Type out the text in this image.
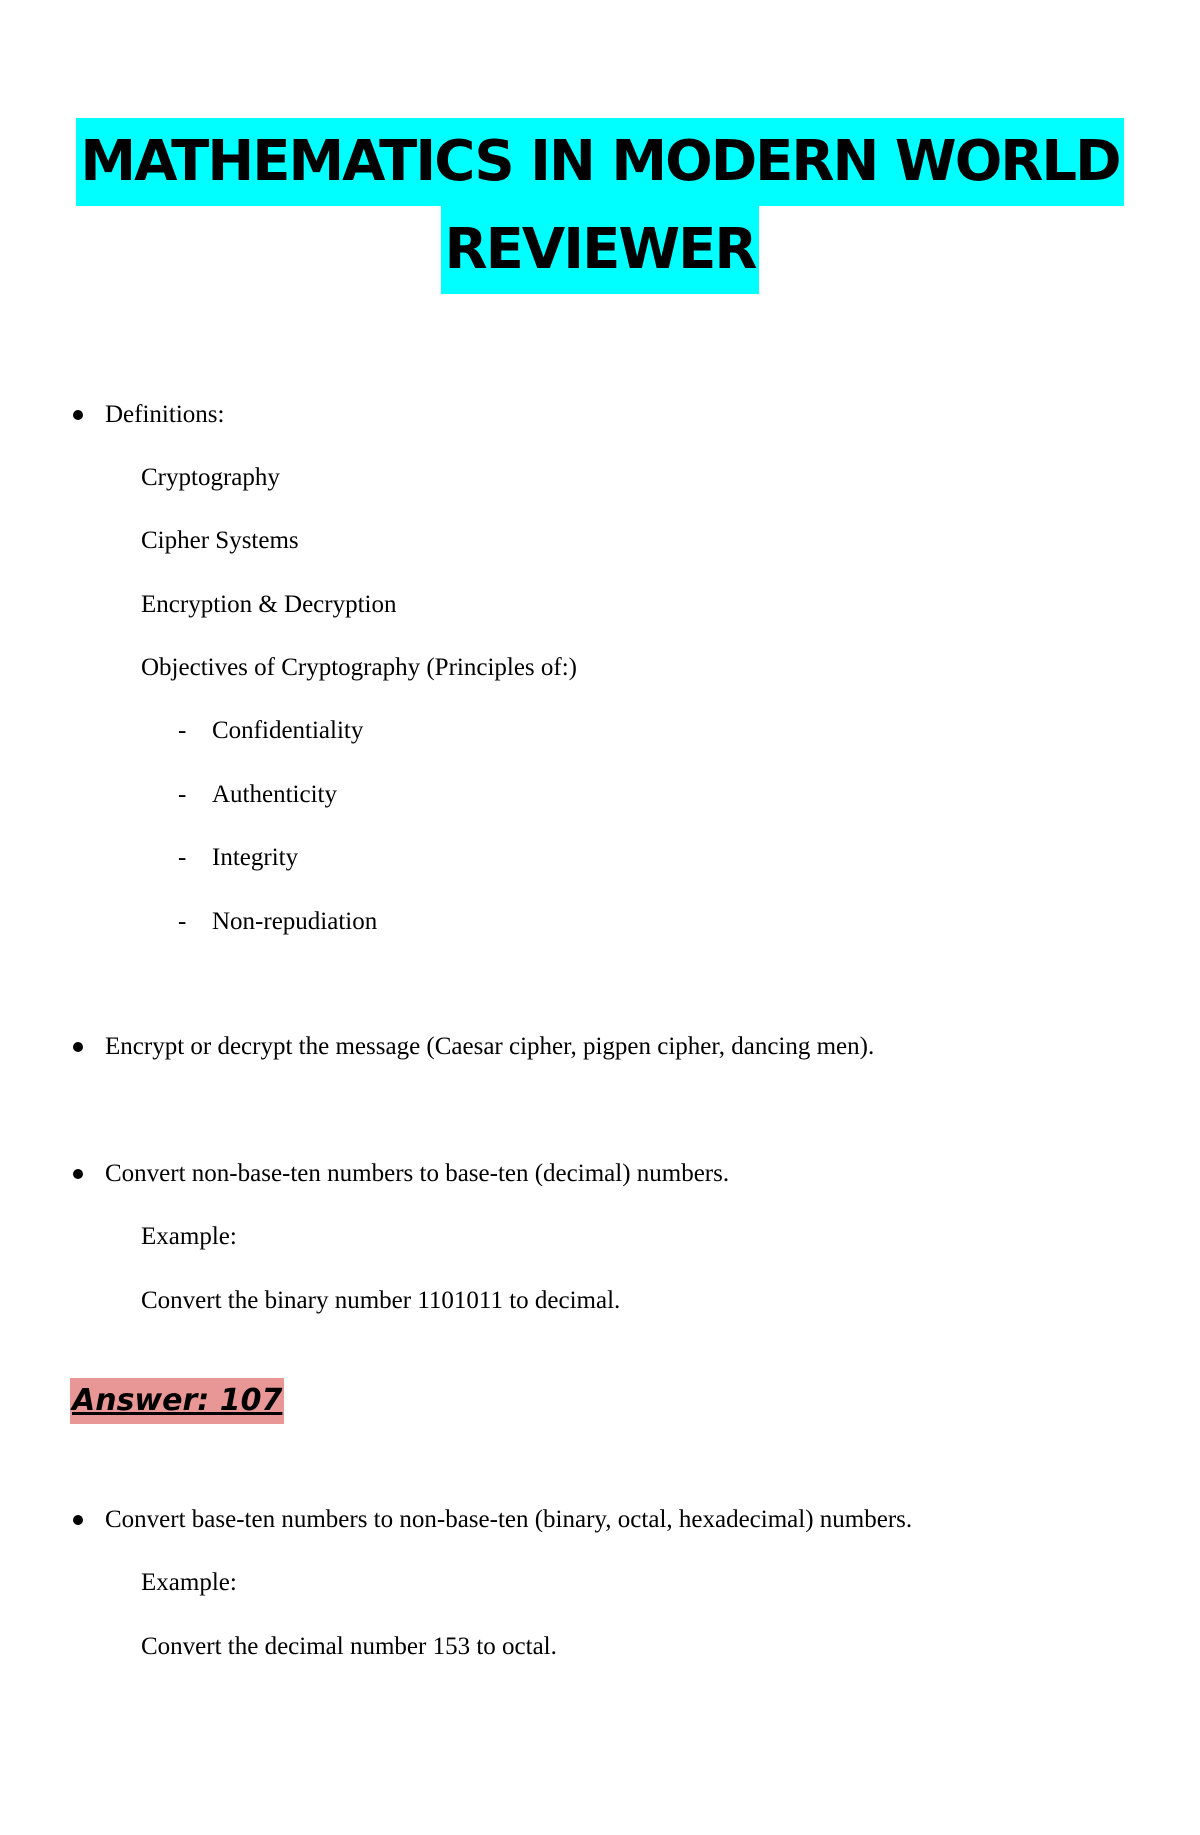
MATHEMATICS IN MODERN WORLD
REVIEWER
Definitions:
Cryptography
Cipher Systems
Encryption & Decryption
Objectives of Cryptography (Principles of:)
- Confidentiality
- Authenticity
- Integrity
- Non-repudiation
Encrypt or decrypt the message (Caesar cipher, pigpen cipher, dancing men).
Convert non-base-ten numbers to base-ten (decimal) numbers.
Example:
Convert the binary number 1101011 to decimal.
Answer: 107
Convert base-ten numbers to non-base-ten (binary, octal, hexadecimal) numbers.
Example:
Convert the decimal number 153 to octal.
